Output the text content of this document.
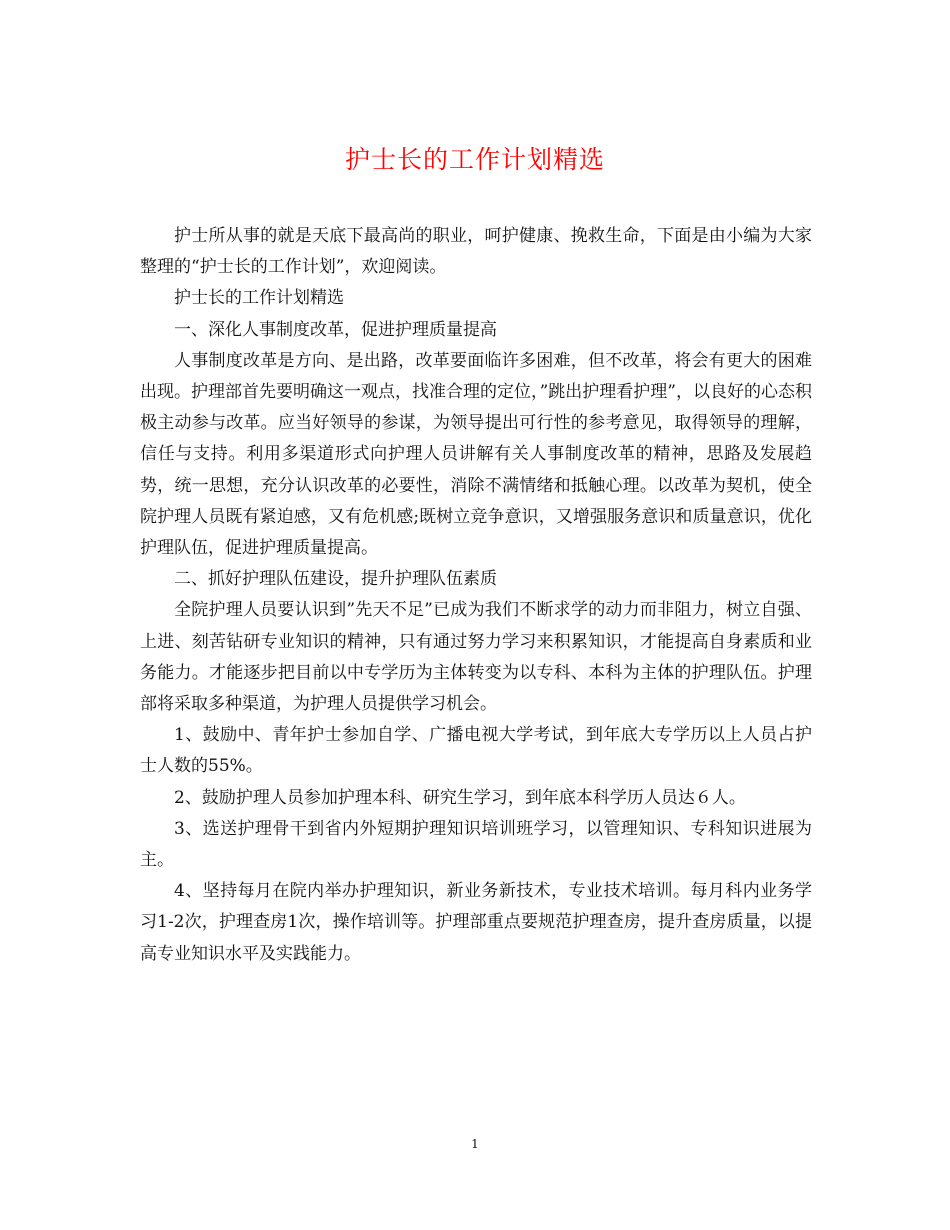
护士长的工作计划精选

护士所从事的就是天底下最高尚的职业，呵护健康、挽救生命，下面是由小编为大家整理的“护士长的工作计划”，欢迎阅读。

护士长的工作计划精选

一、深化人事制度改革，促进护理质量提高

人事制度改革是方向、是出路，改革要面临许多困难，但不改革，将会有更大的困难出现。护理部首先要明确这一观点，找准合理的定位，”跳出护理看护理”，以良好的心态积极主动参与改革。应当好领导的参谋，为领导提出可行性的参考意见，取得领导的理解，信任与支持。利用多渠道形式向护理人员讲解有关人事制度改革的精神，思路及发展趋势，统一思想，充分认识改革的必要性，消除不满情绪和抵触心理。以改革为契机，使全院护理人员既有紧迫感，又有危机感;既树立竞争意识，又增强服务意识和质量意识，优化护理队伍，促进护理质量提高。

二、抓好护理队伍建设，提升护理队伍素质

全院护理人员要认识到”先天不足”已成为我们不断求学的动力而非阻力，树立自强、上进、刻苦钻研专业知识的精神，只有通过努力学习来积累知识，才能提高自身素质和业务能力。才能逐步把目前以中专学历为主体转变为以专科、本科为主体的护理队伍。护理部将采取多种渠道，为护理人员提供学习机会。

1、鼓励中、青年护士参加自学、广播电视大学考试，到年底大专学历以上人员占护士人数的55%。

2、鼓励护理人员参加护理本科、研究生学习，到年底本科学历人员达６人。

3、选送护理骨干到省内外短期护理知识培训班学习，以管理知识、专科知识进展为主。

4、坚持每月在院内举办护理知识，新业务新技术，专业技术培训。每月科内业务学习1-2次，护理查房1次，操作培训等。护理部重点要规范护理查房，提升查房质量，以提高专业知识水平及实践能力。

1
